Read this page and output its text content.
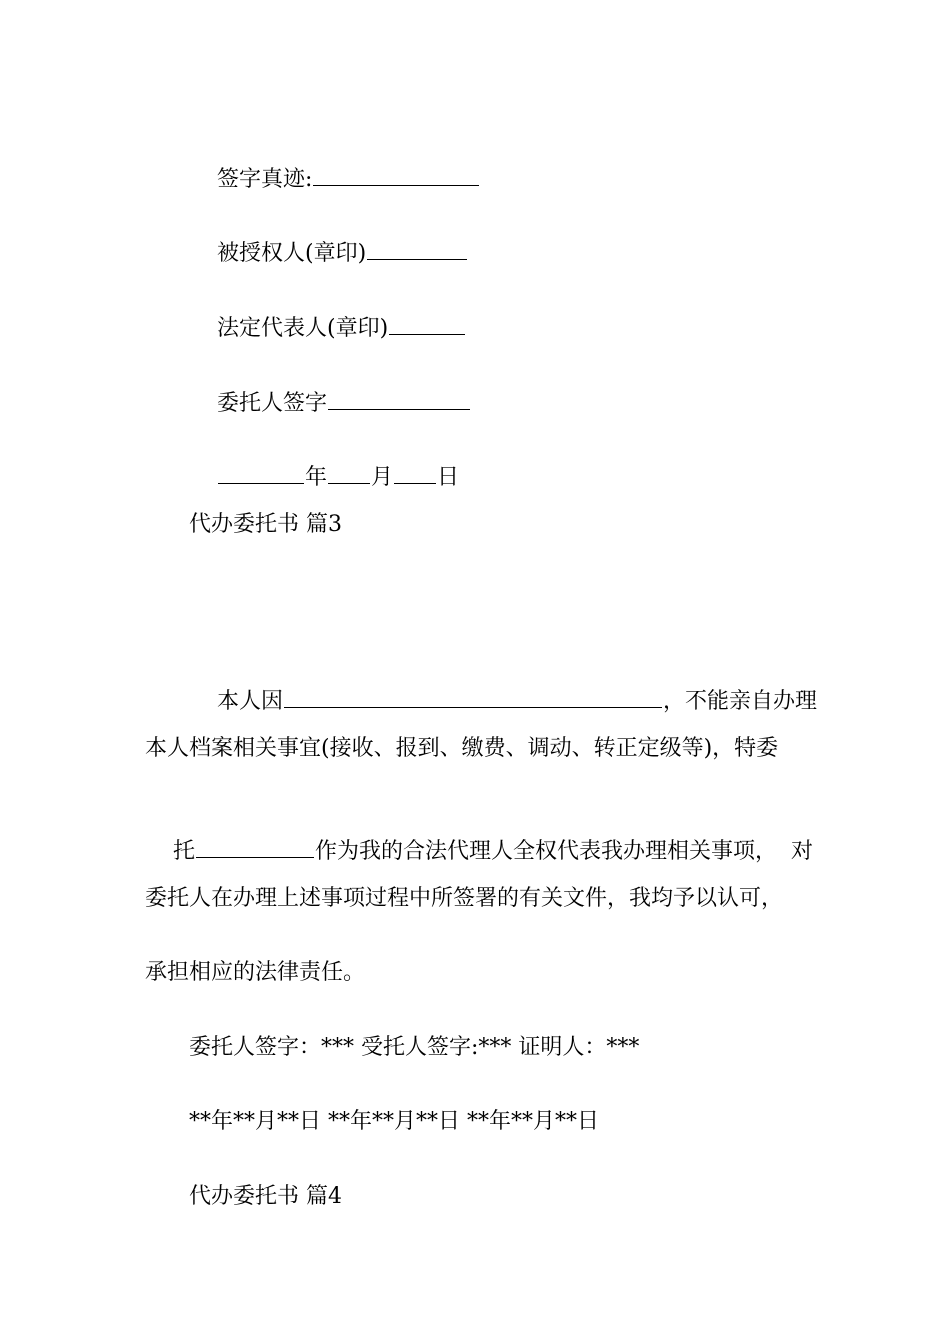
签字真迹:

被授权人(章印)

法定代表人(章印)

委托人签字

年 月 日

代办委托书 篇3

本人因	，不能亲自办理

本人档案相关事宜(接收、报到、缴费、调动、转正定级等)，特委

托	作为我的合法代理人全权代表我办理相关事项，  对

委托人在办理上述事项过程中所签署的有关文件，我均予以认可，
承担相应的法律责任。
委托人签字：*** 受托人签字:*** 证明人：***
**年**月**日 **年**月**日 **年**月**日
代办委托书 篇4
